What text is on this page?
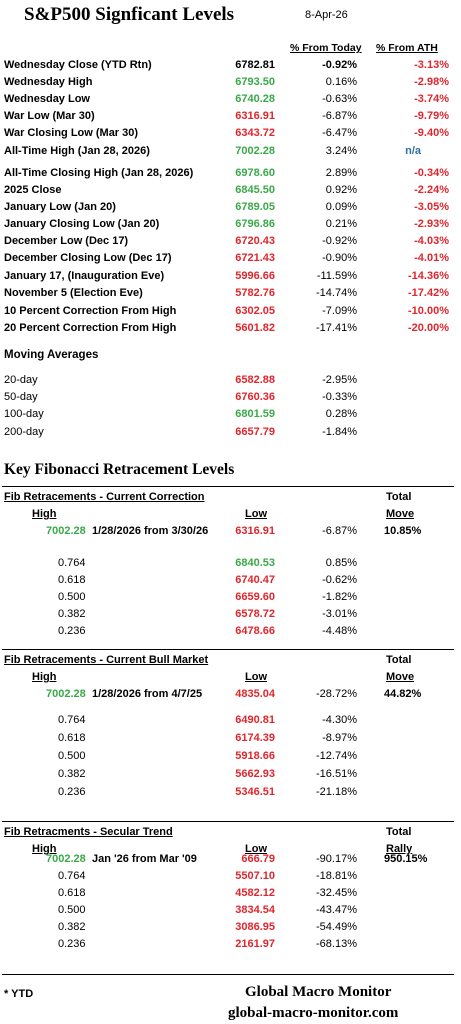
S&P500 Signficant Levels	8-Apr-26
% From Today % From ATH
Wednesday Close (YTD Rtn)	6782.81	-0.92%	-3.13%
Wednesday High	6793.50	0.16%	-2.98%
Wednesday Low	6740.28	-0.63%	-3.74%
War Low (Mar 30)	6316.91	-6.87%	-9.79%
War Closing Low (Mar 30)	6343.72	-6.47%	-9.40%
All-Time High (Jan 28, 2026)	7002.28	3.24%	n/a
All-Time Closing High (Jan 28, 2026)	6978.60	2.89%	-0.34%
2025 Close	6845.50	0.92%	-2.24%
January Low (Jan 20)	6789.05	0.09%	-3.05%
January Closing Low (Jan 20)	6796.86	0.21%	-2.93%
December Low (Dec 17)	6720.43	-0.92%	-4.03%
December Closing Low (Dec 17)	6721.43	-0.90%	-4.01%
January 17, (Inauguration Eve)	5996.66	-11.59%	-14.36%
November 5 (Election Eve)	5782.76	-14.74%	-17.42%
10 Percent Correction From High	6302.05	-7.09%	-10.00%
20 Percent Correction From High	5601.82	-17.41%	-20.00%
Moving Averages
20-day	6582.88	-2.95%
50-day	6760.36	-0.33%
100-day	6801.59	0.28%
200-day	6657.79	-1.84%
Key Fibonacci Retracement Levels
Fib Retracements - Current Correction	Total
High	Low	Move
7002.28 1/28/2026 from 3/30/26 6316.91	-6.87% 10.85%
0.764	6840.53	0.85%
0.618	6740.47	-0.62%
0.500	6659.60	-1.82%
0.382	6578.72	-3.01%
0.236	6478.66	-4.48%
Fib Retracements - Current Bull Market	Total
High	Low	Move
7002.28 1/28/2026 from 4/7/25	4835.04	-28.72% 44.82%
0.764	6490.81	-4.30%
0.618	6174.39	-8.97%
0.500	5918.66	-12.74%
0.382	5662.93	-16.51%
0.236	5346.51	-21.18%
Fib Retracments - Secular Trend	Total
High	Low	Rally
7002.28 Jan '26 from Mar '09	666.79	-90.17% 950.15%
0.764	5507.10	-18.81%
0.618	4582.12	-32.45%
0.500	3834.54	-43.47%
0.382	3086.95	-54.49%
0.236	2161.97	-68.13%
* YTD	Global Macro Monitor
global-macro-monitor.com
